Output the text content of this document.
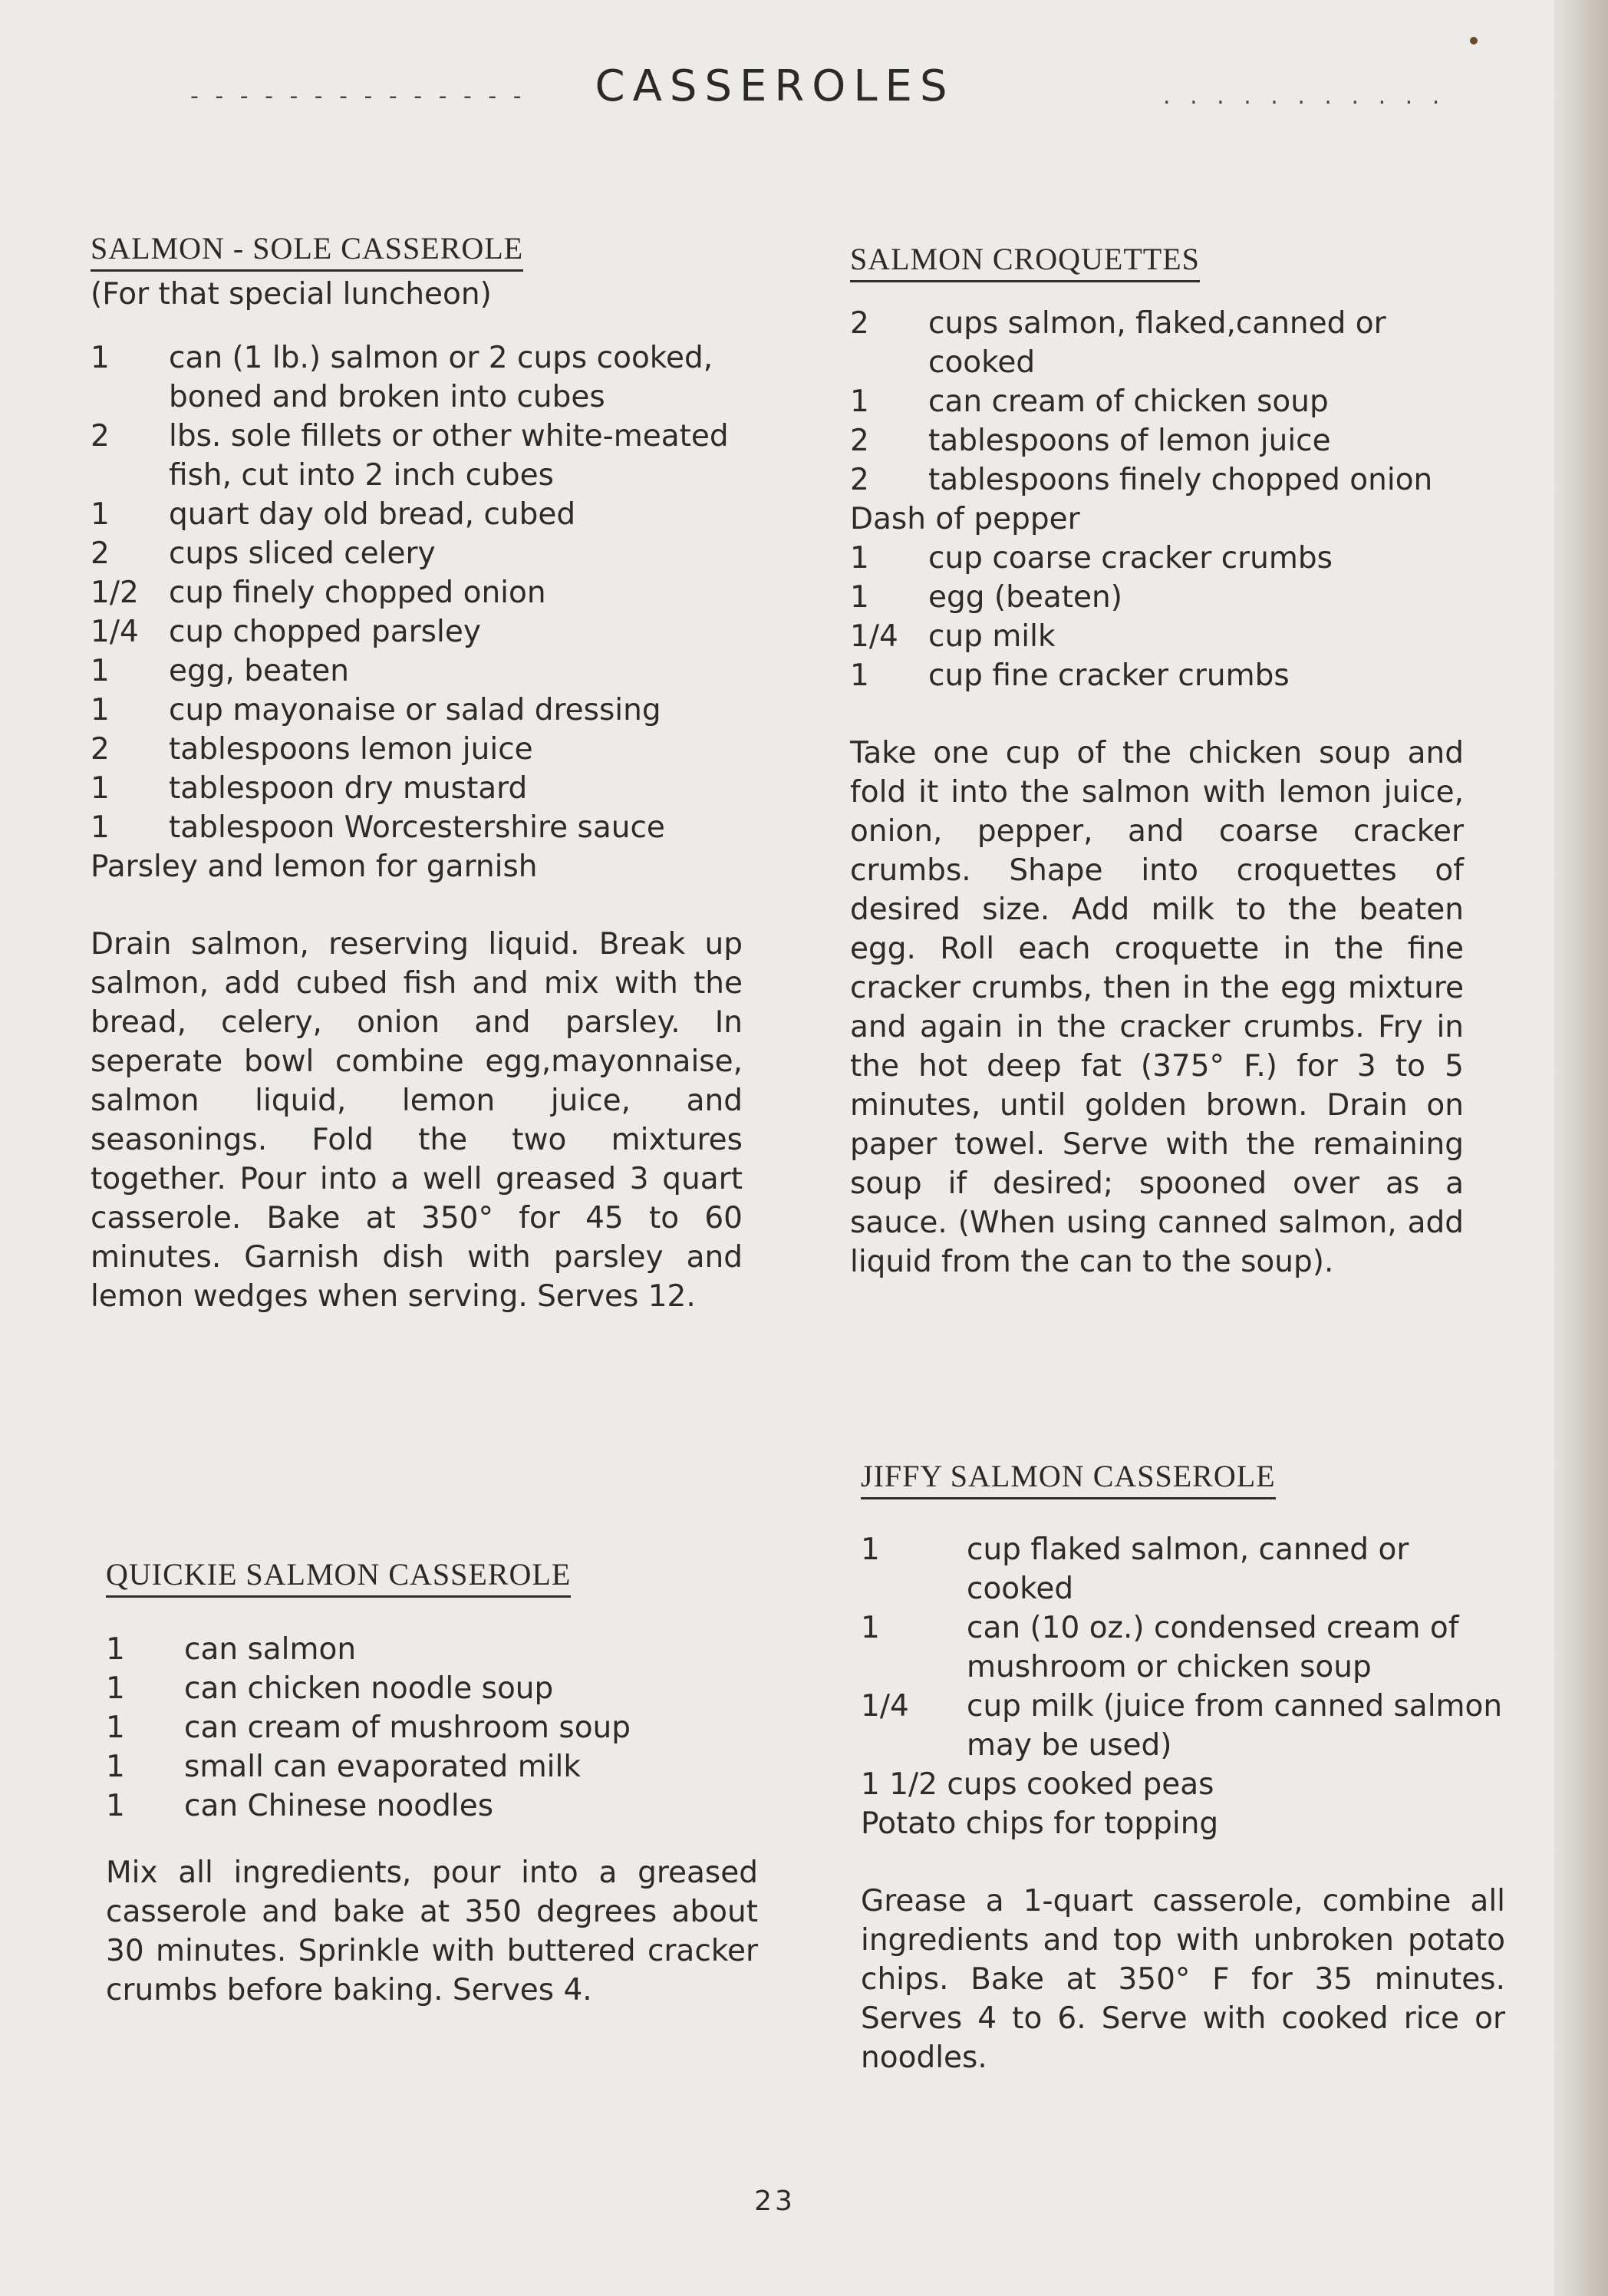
- - - - - - - - - - - - - - CASSEROLES	. . . . . . . . . . .
SALMON - SOLE CASSEROLE
(For that special luncheon)
1	can (1 lb.) salmon or 2 cups cooked, boned and broken into cubes
2	lbs. sole fillets or other white-meated fish, cut into 2 inch cubes
1	quart day old bread, cubed
2	cups sliced celery
1/2	cup finely chopped onion
1/4	cup chopped parsley
1	egg, beaten
1	cup mayonaise or salad dressing
2	tablespoons lemon juice
1	tablespoon dry mustard
1	tablespoon Worcestershire sauce
Parsley and lemon for garnish
Drain salmon, reserving liquid. Break up salmon, add cubed fish and mix with the bread, celery, onion and parsley. In seperate bowl combine egg,mayonnaise, salmon liquid, lemon juice, and seasonings. Fold the two mixtures together. Pour into a well greased 3 quart casserole. Bake at 350° for 45 to 60 minutes. Garnish dish with parsley and lemon wedges when serving. Serves 12.
SALMON CROQUETTES
2	cups salmon, flaked,canned or cooked
1	can cream of chicken soup
2	tablespoons of lemon juice
2	tablespoons finely chopped onion
Dash of pepper
1	cup coarse cracker crumbs
1	egg (beaten)
1/4	cup milk
1	cup fine cracker crumbs
Take one cup of the chicken soup and fold it into the salmon with lemon juice, onion, pepper, and coarse cracker crumbs. Shape into croquettes of desired size. Add milk to the beaten egg. Roll each croquette in the fine cracker crumbs, then in the egg mixture and again in the cracker crumbs. Fry in the hot deep fat (375° F.) for 3 to 5 minutes, until golden brown. Drain on paper towel. Serve with the remaining soup if desired; spooned over as a sauce. (When using canned salmon, add liquid from the can to the soup).
QUICKIE SALMON CASSEROLE
1	can salmon
1	can chicken noodle soup
1	can cream of mushroom soup
1	small can evaporated milk
1	can Chinese noodles
Mix all ingredients, pour into a greased casserole and bake at 350 degrees about 30 minutes. Sprinkle with buttered cracker crumbs before baking. Serves 4.
JIFFY SALMON CASSEROLE
1	cup flaked salmon, canned or cooked
1	can (10 oz.) condensed cream of mushroom or chicken soup
1/4	cup milk (juice from canned salmon may be used)
1 1/2 cups cooked peas
Potato chips for topping
Grease a 1-quart casserole, combine all ingredients and top with unbroken potato chips. Bake at 350° F for 35 minutes. Serves 4 to 6. Serve with cooked rice or noodles.
23
